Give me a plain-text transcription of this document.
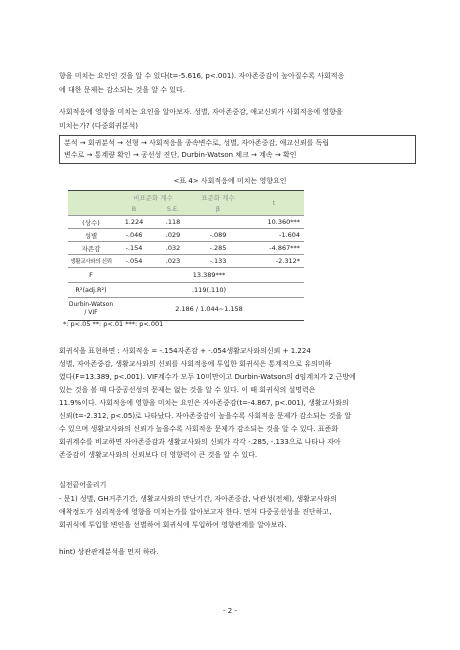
향을 미치는 요인인 것을 알 수 있다(t=-5.616, p<.001). 자아존중감이 높아질수록 사회적응
에 대한 문제는 감소되는 것을 알 수 있다.
사회적응에 영향을 미치는 요인을 알아보자. 성별, 자아존중감, 애교신뢰가 사회적응에 영향을
미치는가? (다중회귀분석)
분석 → 회귀분석 → 선형 → 사회적응을 종속변수로, 성별, 자아존중감, 애교신뢰를 독립
변수로 → 통계량 확인 → 공선성 진단, Durbin-Watson 체크 → 계속 → 확인
<표 4> 사회적응에 미치는 영향요인
	비표준화 계수		표준화 계수	t
	B	S.E.	β	
(상수)	1.224	.118		10.360***
성별	-.046	.029	-.089	-1.604
자존감	-.154	.032	-.285	-4.867***
생활교사와의 신뢰	-.054	.023	-.133	-2.312*
F	13.389***			
R²(adj.R²)	.119(.110)			
Durbin-Watson / VIF	2.186 / 1.044~1.158			
*: p<.05 **: p<.01 ***: p<.001
회귀식을 표현하면 : 사회적응 = -.154자존감 + -.054생활교사와의신뢰 + 1.224
성별, 자아존중감, 생활교사와의 신뢰를 사회적응에 투입한 회귀식은 통계적으로 유의미하
였다(F=13.389, p<.001). VIF계수가 모두 10미만이고 Durbin-Watson의 d임계치가 2 근방에
있는 것을 볼 때 다중공선성의 문제는 없는 것을 알 수 있다. 이 때 회귀식의 설명력은
11.9%이다. 사회적응에 영향을 미치는 요인은 자아존중감(t=-4.867, p<.001), 생활교사와의
신뢰(t=-2.312, p<.05)로 나타났다. 자아존중감이 높을수록 사회적응 문제가 감소되는 것을 알
수 있으며 생활교사와의 신뢰가 높을수록 사회적응 문제가 감소되는 것을 알 수 있다. 표준화
회귀계수를 비교하면 자아존중감과 생활교사와의 신뢰가 각각 -.285, -.133으로 나타나 자아
존중감이 생활교사와의 신뢰보다 더 영향력이 큰 것을 알 수 있다.
실전끝어올리기
- 문1) 성별, GH거주기간, 생활교사와의 만난기간, 자아존중감, 낙관성(전체), 생활교사와의
애착정도가 심리적응에 영향을 미치는가를 알아보고자 한다. 먼저 다중공선성을 진단하고,
회귀식에 투입할 변인을 선별하여 회귀식에 투입하여 영향관계를 알아보라.
hint) 상관관계분석을 먼저 하라.
- 2 -
